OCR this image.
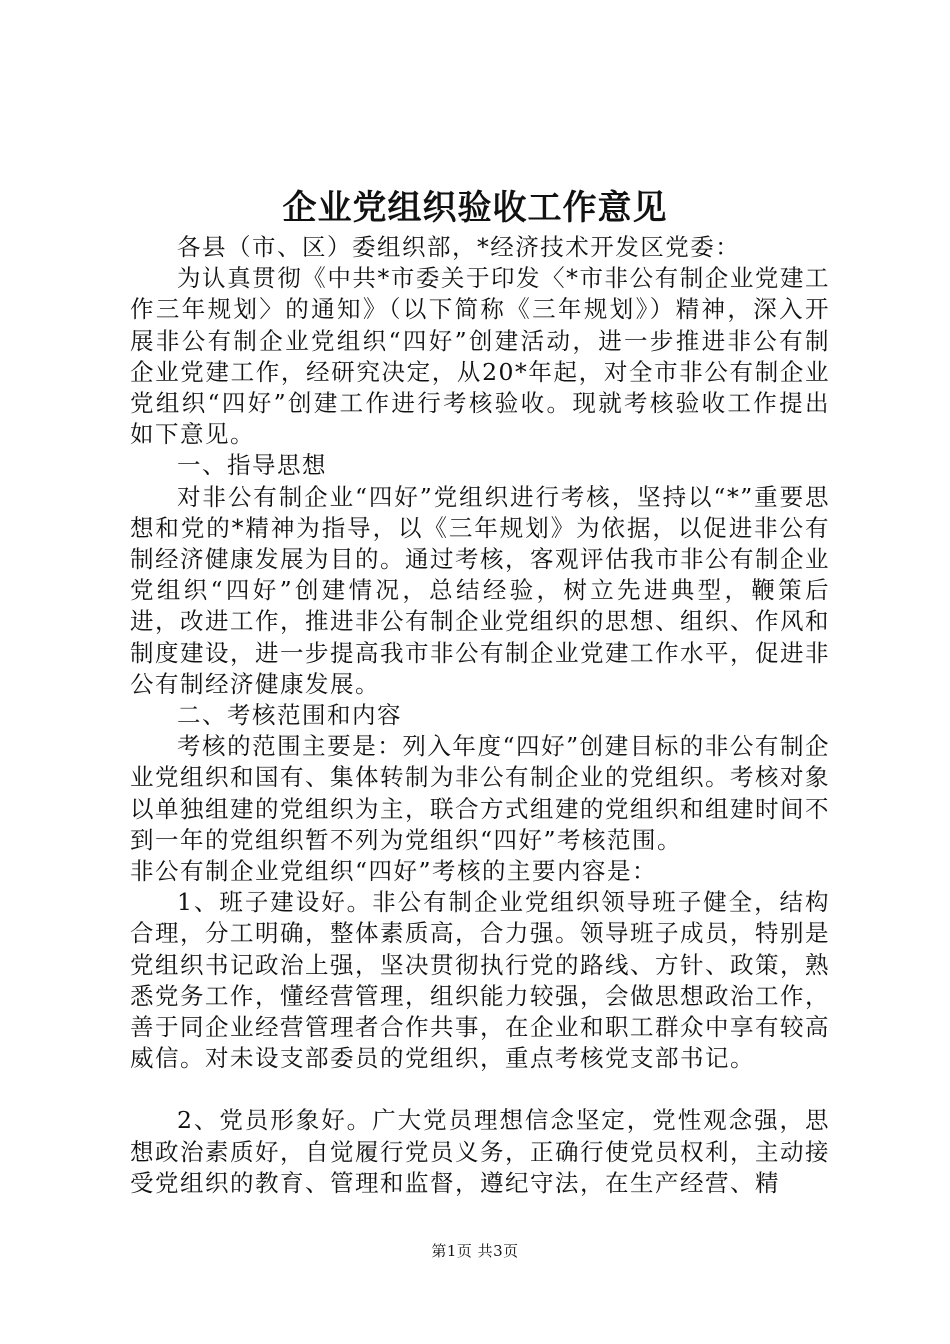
企业党组织验收工作意见

各县（市、区）委组织部，*经济技术开发区党委：

为认真贯彻《中共*市委关于印发〈*市非公有制企业党建工作三年规划〉的通知》（以下简称《三年规划》）精神，深入开展非公有制企业党组织“四好”创建活动，进一步推进非公有制企业党建工作，经研究决定，从20*年起，对全市非公有制企业党组织“四好”创建工作进行考核验收。现就考核验收工作提出如下意见。

一、指导思想

对非公有制企业“四好”党组织进行考核，坚持以“*”重要思想和党的*精神为指导，以《三年规划》为依据，以促进非公有制经济健康发展为目的。通过考核，客观评估我市非公有制企业党组织“四好”创建情况，总结经验，树立先进典型，鞭策后进，改进工作，推进非公有制企业党组织的思想、组织、作风和制度建设，进一步提高我市非公有制企业党建工作水平，促进非公有制经济健康发展。

二、考核范围和内容

考核的范围主要是：列入年度“四好”创建目标的非公有制企业党组织和国有、集体转制为非公有制企业的党组织。考核对象以单独组建的党组织为主，联合方式组建的党组织和组建时间不到一年的党组织暂不列为党组织“四好”考核范围。

非公有制企业党组织“四好”考核的主要内容是：

1、班子建设好。非公有制企业党组织领导班子健全，结构合理，分工明确，整体素质高，合力强。领导班子成员，特别是党组织书记政治上强，坚决贯彻执行党的路线、方针、政策，熟悉党务工作，懂经营管理，组织能力较强，会做思想政治工作，善于同企业经营管理者合作共事，在企业和职工群众中享有较高威信。对未设支部委员的党组织，重点考核党支部书记。

2、党员形象好。广大党员理想信念坚定，党性观念强，思想政治素质好，自觉履行党员义务，正确行使党员权利，主动接受党组织的教育、管理和监督，遵纪守法，在生产经营、精

第1页 共3页
